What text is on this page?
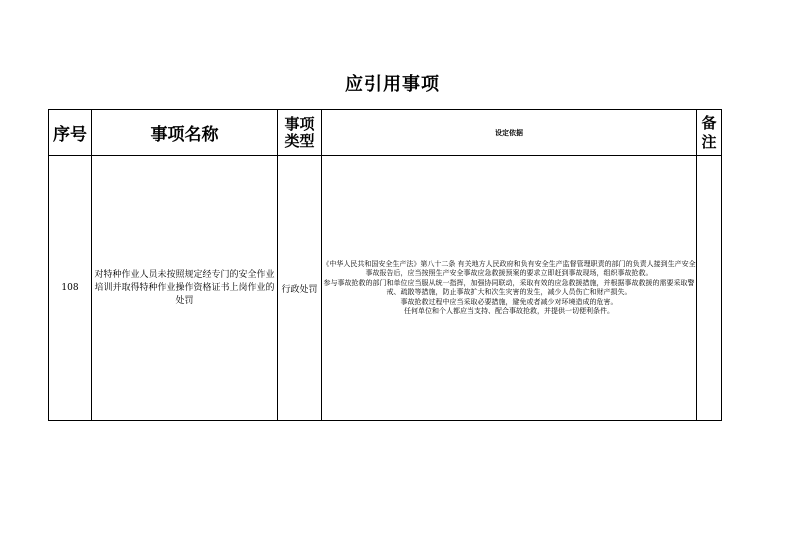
应引用事项
序号	事项名称	事项类型	设定依据	备注
108	对特种作业人员未按照规定经专门的安全作业培训并取得特种作业操作资格证书上岗作业的处罚	行政处罚	《中华人民共和国安全生产法》第八十二条 有关地方人民政府和负有安全生产监督管理职责的部门的负责人接到生产安全事故报告后，应当按照生产安全事故应急救援预案的要求立即赶到事故现场，组织事故抢救。

参与事故抢救的部门和单位应当服从统一指挥，加强协同联动，采取有效的应急救援措施，并根据事故救援的需要采取警戒、疏散等措施，防止事故扩大和次生灾害的发生，减少人员伤亡和财产损失。

事故抢救过程中应当采取必要措施，避免或者减少对环境造成的危害。

任何单位和个人都应当支持、配合事故抢救，并提供一切便利条件。	
